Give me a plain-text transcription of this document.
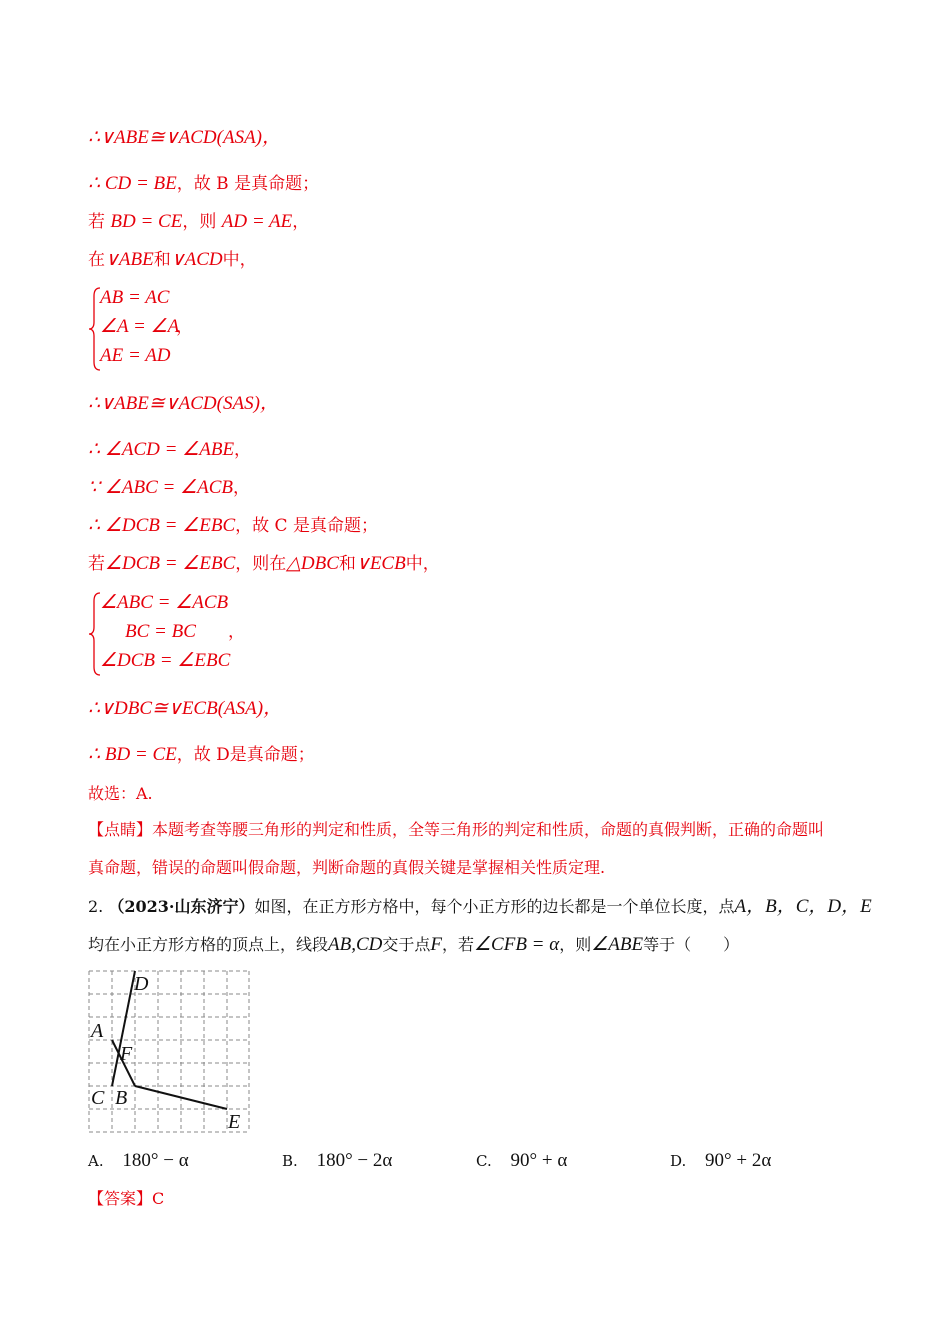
∴∨ABE≅∨ACD(ASA)，
∴ CD = BE，故 B 是真命题；
若 BD = CE，则 AD = AE，
在∨ABE和∨ACD中，
AB = AC
∠A = ∠A
，
AE = AD
∴∨ABE≅∨ACD(SAS)，
∴ ∠ACD = ∠ABE，
∵ ∠ABC = ∠ACB，
∴ ∠DCB = ∠EBC，故 C 是真命题；
若∠DCB = ∠EBC，则在△DBC和∨ECB中，
∠ABC = ∠ACB
BC = BC ，
∠DCB = ∠EBC
∴∨DBC≅∨ECB(ASA)，
∴ BD = CE，故 D是真命题；
故选：A.
【点睛】本题考查等腰三角形的判定和性质，全等三角形的判定和性质，命题的真假判断，正确的命题叫
真命题，错误的命题叫假命题，判断命题的真假关键是掌握相关性质定理.
2. （2023·山东济宁）如图，在正方形方格中，每个小正方形的边长都是一个单位长度，点A，B，C，D，E
均在小正方形方格的顶点上，线段AB,CD交于点F，若∠CFB = α，则∠ABE等于（　　）
D
A
F
C B
E
A. 180° − α	B. 180° − 2α	C. 90° + α	D. 90° + 2α
【答案】C
